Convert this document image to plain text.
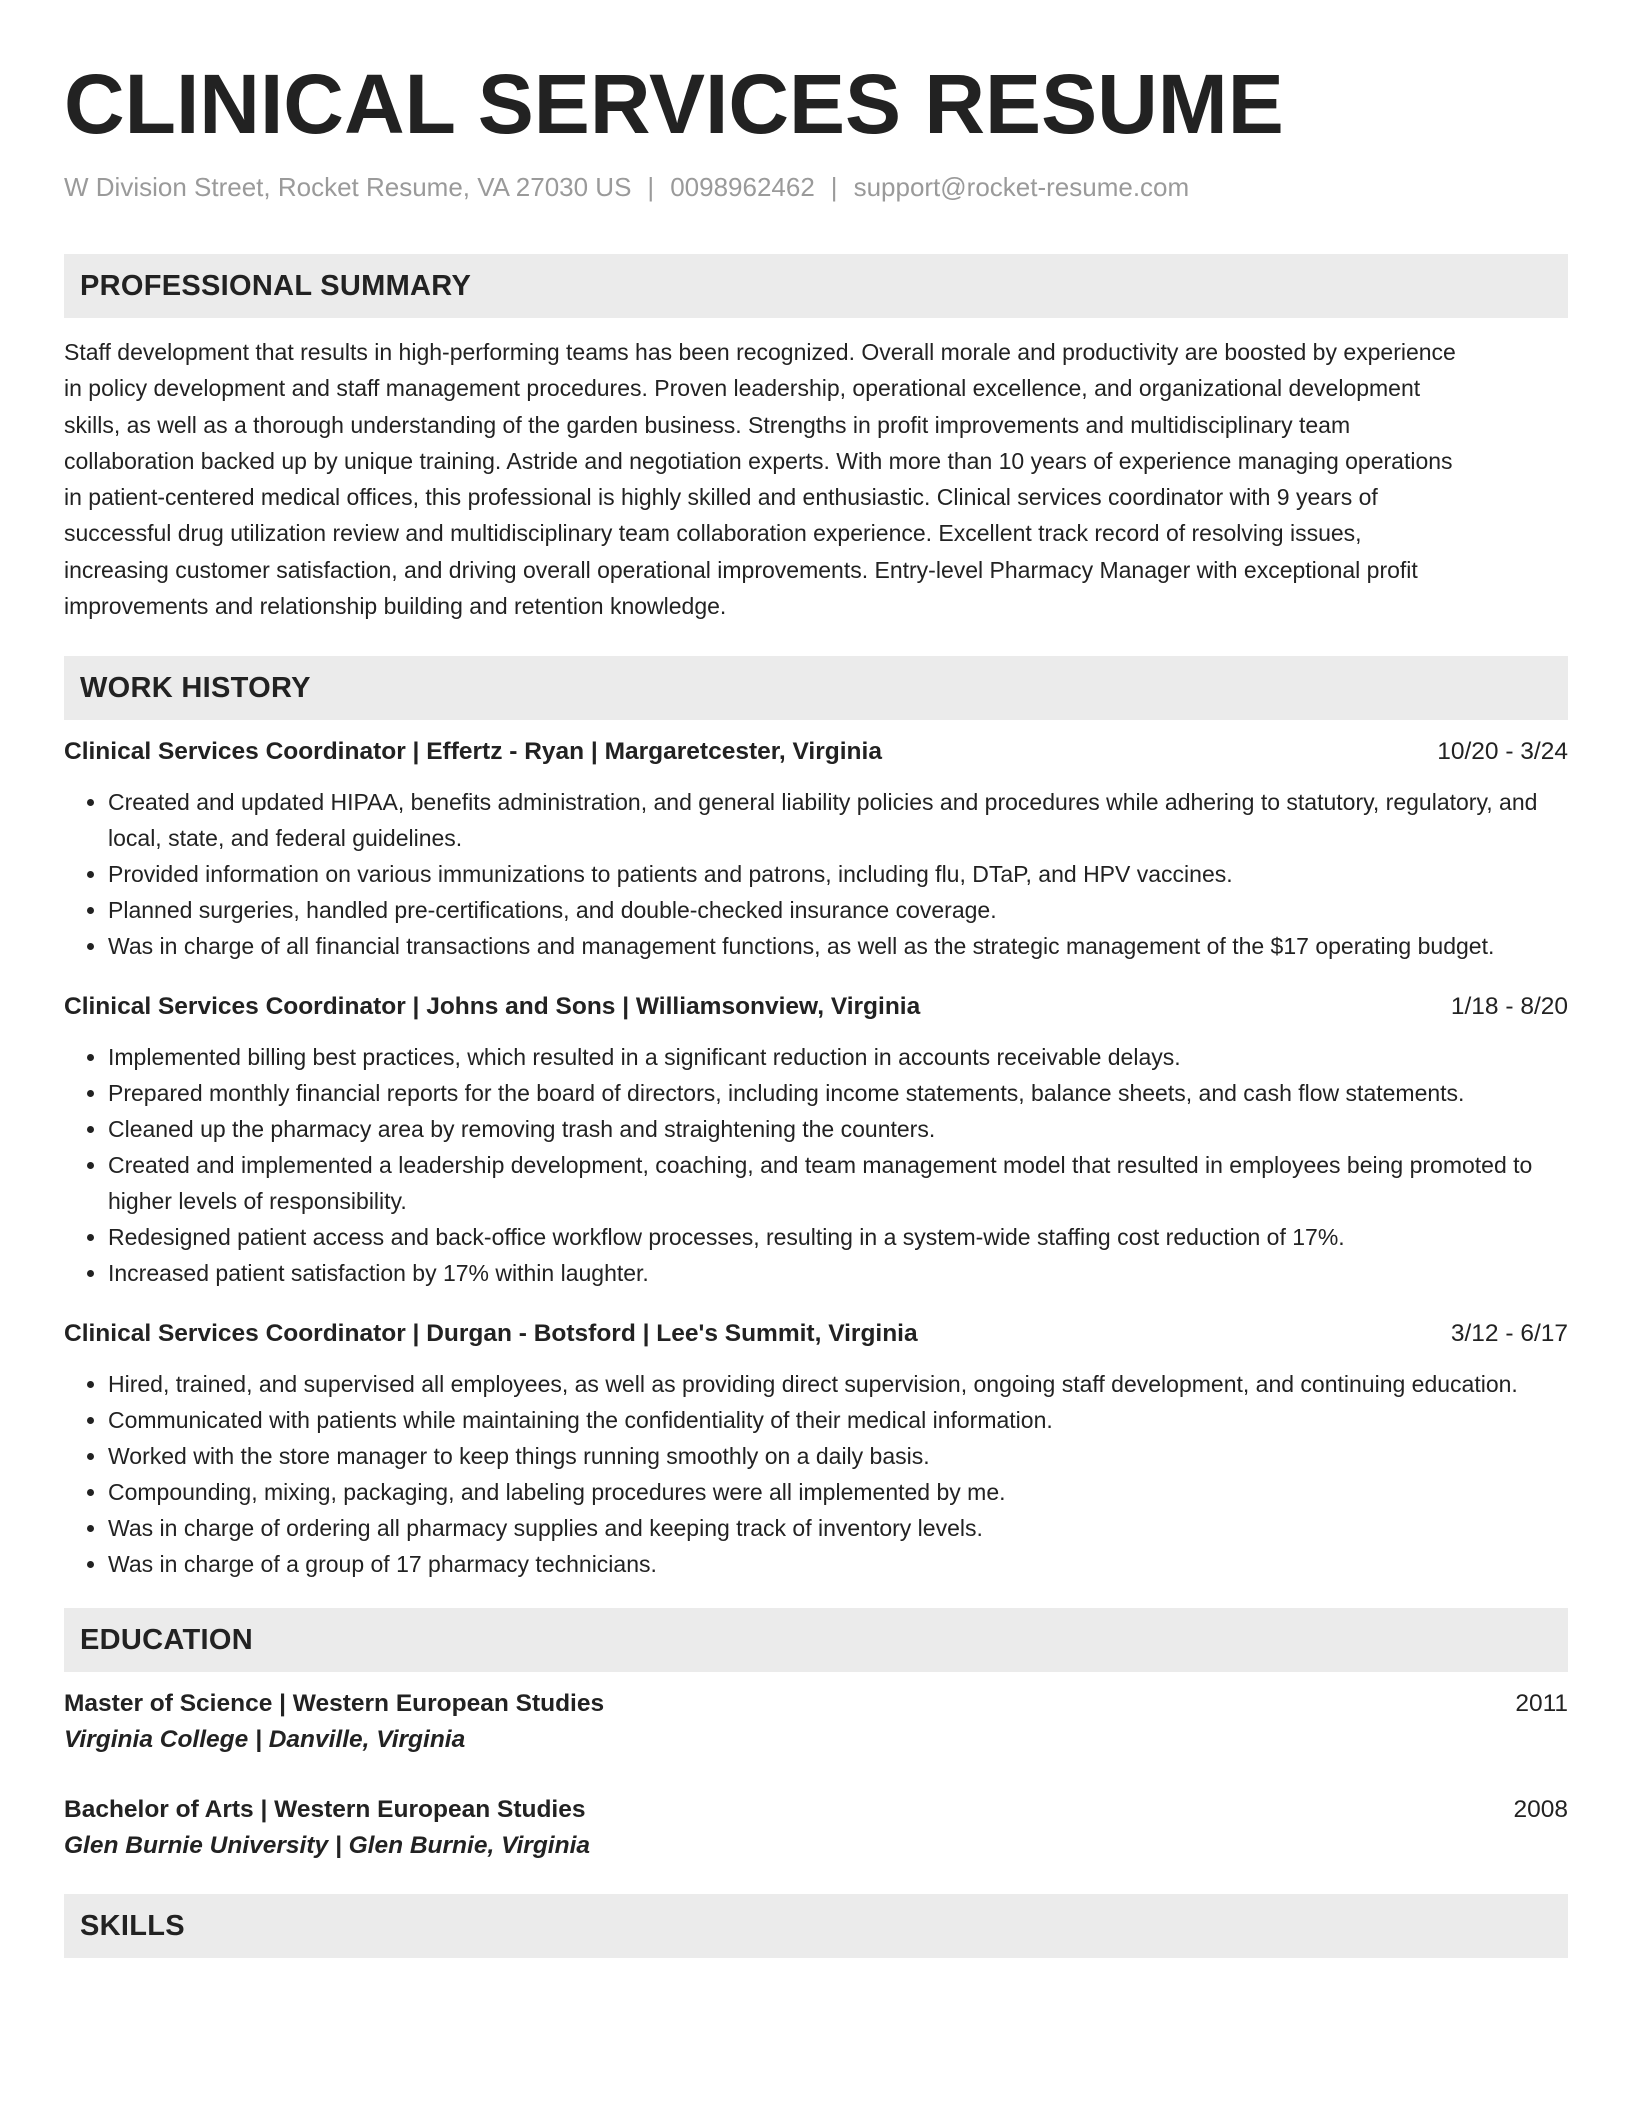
CLINICAL SERVICES RESUME
W Division Street, Rocket Resume, VA 27030 US | 0098962462 | support@rocket-resume.com
PROFESSIONAL SUMMARY
Staff development that results in high-performing teams has been recognized. Overall morale and productivity are boosted by experience
in policy development and staff management procedures. Proven leadership, operational excellence, and organizational development
skills, as well as a thorough understanding of the garden business. Strengths in profit improvements and multidisciplinary team
collaboration backed up by unique training. Astride and negotiation experts. With more than 10 years of experience managing operations
in patient-centered medical offices, this professional is highly skilled and enthusiastic. Clinical services coordinator with 9 years of
successful drug utilization review and multidisciplinary team collaboration experience. Excellent track record of resolving issues,
increasing customer satisfaction, and driving overall operational improvements. Entry-level Pharmacy Manager with exceptional profit
improvements and relationship building and retention knowledge.
WORK HISTORY
Clinical Services Coordinator | Effertz - Ryan | Margaretcester, Virginia	10/20 - 3/24
• Created and updated HIPAA, benefits administration, and general liability policies and procedures while adhering to statutory, regulatory, and local, state, and federal guidelines.
• Provided information on various immunizations to patients and patrons, including flu, DTaP, and HPV vaccines.
• Planned surgeries, handled pre-certifications, and double-checked insurance coverage.
• Was in charge of all financial transactions and management functions, as well as the strategic management of the $17 operating budget.
Clinical Services Coordinator | Johns and Sons | Williamsonview, Virginia	1/18 - 8/20
• Implemented billing best practices, which resulted in a significant reduction in accounts receivable delays.
• Prepared monthly financial reports for the board of directors, including income statements, balance sheets, and cash flow statements.
• Cleaned up the pharmacy area by removing trash and straightening the counters.
• Created and implemented a leadership development, coaching, and team management model that resulted in employees being promoted to higher levels of responsibility.
• Redesigned patient access and back-office workflow processes, resulting in a system-wide staffing cost reduction of 17%.
• Increased patient satisfaction by 17% within laughter.
Clinical Services Coordinator | Durgan - Botsford | Lee's Summit, Virginia	3/12 - 6/17
• Hired, trained, and supervised all employees, as well as providing direct supervision, ongoing staff development, and continuing education.
• Communicated with patients while maintaining the confidentiality of their medical information.
• Worked with the store manager to keep things running smoothly on a daily basis.
• Compounding, mixing, packaging, and labeling procedures were all implemented by me.
• Was in charge of ordering all pharmacy supplies and keeping track of inventory levels.
• Was in charge of a group of 17 pharmacy technicians.
EDUCATION
Master of Science | Western European Studies	2011
Virginia College | Danville, Virginia
Bachelor of Arts | Western European Studies	2008
Glen Burnie University | Glen Burnie, Virginia
SKILLS
